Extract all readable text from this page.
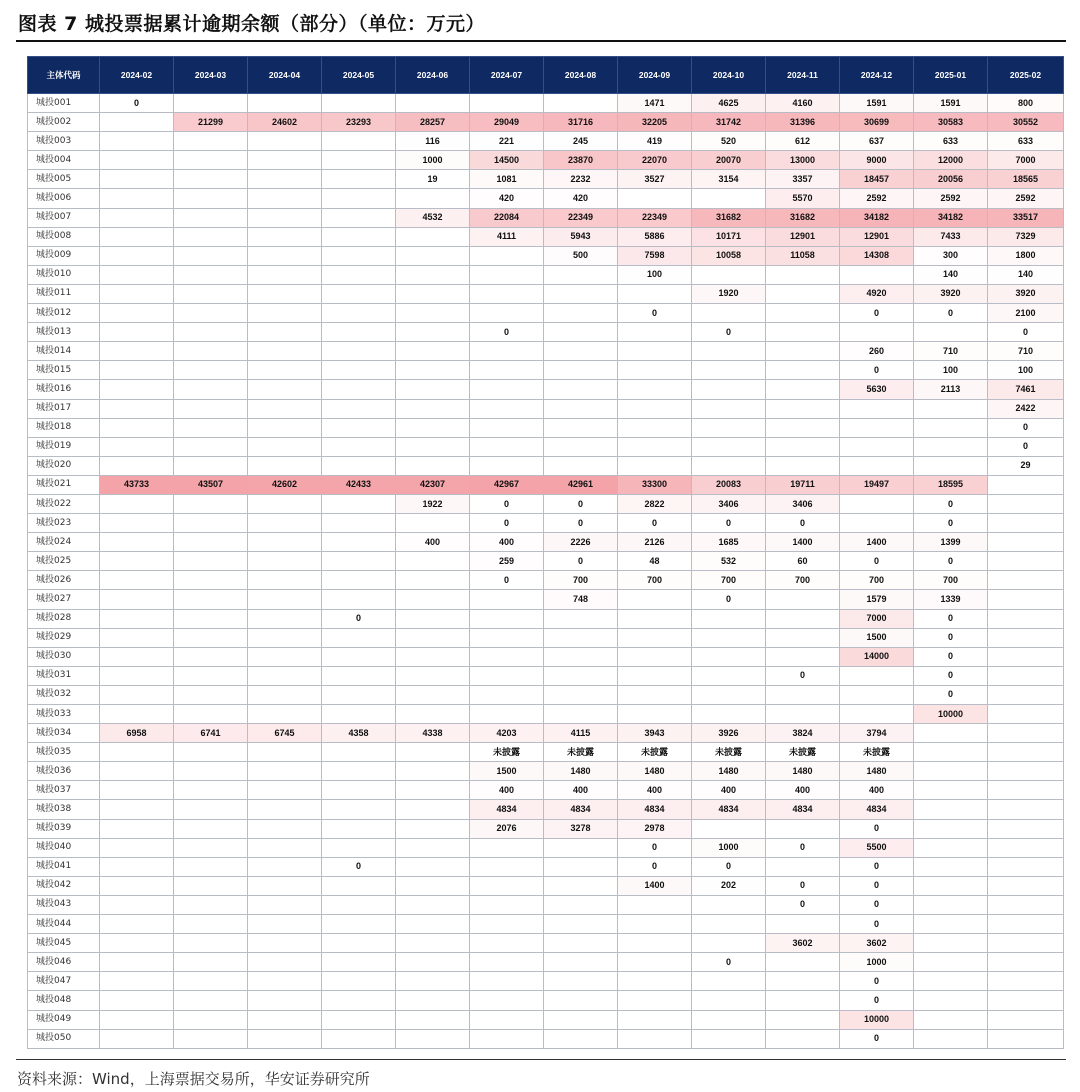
图表 7 城投票据累计逾期余额（部分）（单位：万元）
主体代码	2024-02	2024-03	2024-04	2024-05	2024-06	2024-07	2024-08	2024-09	2024-10	2024-11	2024-12	2025-01	2025-02
城投001	0							1471	4625	4160	1591	1591	800
城投002		21299	24602	23293	28257	29049	31716	32205	31742	31396	30699	30583	30552
城投003					116	221	245	419	520	612	637	633	633
城投004					1000	14500	23870	22070	20070	13000	9000	12000	7000
城投005					19	1081	2232	3527	3154	3357	18457	20056	18565
城投006						420	420			5570	2592	2592	2592
城投007					4532	22084	22349	22349	31682	31682	34182	34182	33517
城投008						4111	5943	5886	10171	12901	12901	7433	7329
城投009							500	7598	10058	11058	14308	300	1800
城投010								100				140	140
城投011									1920		4920	3920	3920
城投012								0			0	0	2100
城投013						0			0				0
城投014											260	710	710
城投015											0	100	100
城投016											5630	2113	7461
城投017													2422
城投018													0
城投019													0
城投020													29
城投021	43733	43507	42602	42433	42307	42967	42961	33300	20083	19711	19497	18595	
城投022					1922	0	0	2822	3406	3406		0	
城投023						0	0	0	0	0		0	
城投024					400	400	2226	2126	1685	1400	1400	1399	
城投025						259	0	48	532	60	0	0	
城投026						0	700	700	700	700	700	700	
城投027							748		0		1579	1339	
城投028				0							7000	0	
城投029											1500	0	
城投030											14000	0	
城投031										0		0	
城投032												0	
城投033												10000	
城投034	6958	6741	6745	4358	4338	4203	4115	3943	3926	3824	3794		
城投035						未披露	未披露	未披露	未披露	未披露	未披露		
城投036						1500	1480	1480	1480	1480	1480		
城投037						400	400	400	400	400	400		
城投038						4834	4834	4834	4834	4834	4834		
城投039						2076	3278	2978			0		
城投040								0	1000	0	5500		
城投041				0				0	0		0		
城投042								1400	202	0	0		
城投043										0	0		
城投044											0		
城投045										3602	3602		
城投046									0		1000		
城投047											0		
城投048											0		
城投049											10000		
城投050											0		
资料来源：Wind，上海票据交易所，华安证券研究所
